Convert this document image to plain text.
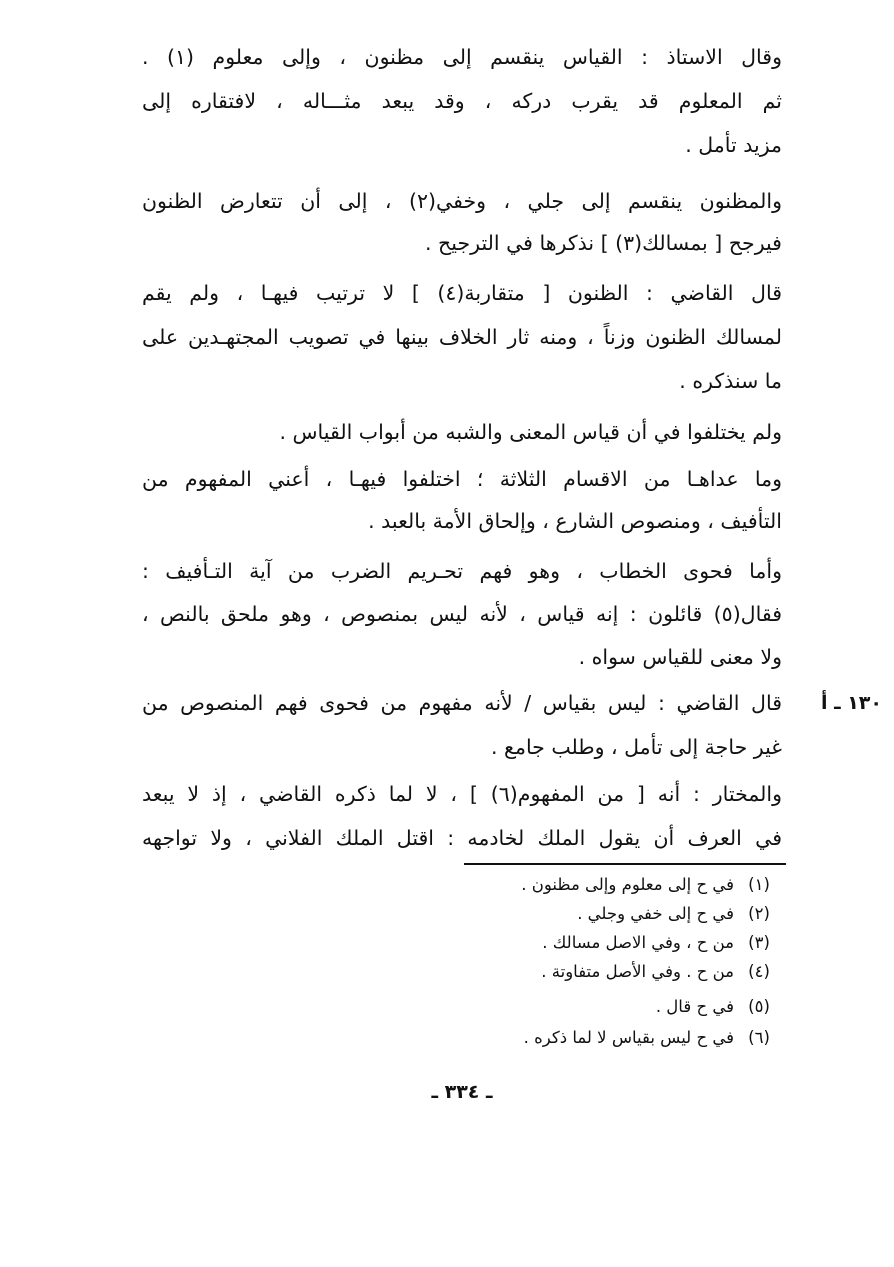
وقال الاستاذ : القياس ينقسم إلى مظنون ، وإلى معلوم (١) .
ثم المعلوم قد يقرب دركه ، وقد يبعد مثـــاله ، لافتقاره إلى
مزيد تأمل .
والمظنون ينقسم إلى جلي ، وخفي(٢) ، إلى أن تتعارض الظنون
فيرجح [ بمسالك(٣) ] نذكرها في الترجيح .
قال القاضي : الظنون [ متقاربة(٤) ] لا ترتيب فيهـا ، ولم يقم
لمسالك الظنون وزناً ، ومنه ثار الخلاف بينها في تصويب المجتهـدين على
ما سنذكره .
ولم يختلفوا في أن قياس المعنى والشبه من أبواب القياس .
وما عداهـا من الاقسام الثلاثة ؛ اختلفوا فيهـا ، أعني المفهوم من
التأفيف ، ومنصوص الشارع ، وإلحاق الأمة بالعبد .
وأما فحوى الخطاب ، وهو فهم تحـريم الضرب من آية التـأفيف :
فقال(٥) قائلون : إنه قياس ، لأنه ليس بمنصوص ، وهو ملحق بالنص ،
ولا معنى للقياس سواه .
١٣٠ ـ أ
قال القاضي : ليس بقياس / لأنه مفهوم من فحوى فهم المنصوص من
غير حاجة إلى تأمل ، وطلب جامع .
والمختار : أنه [ من المفهوم(٦) ] ، لا لما ذكره القاضي ، إذ لا يبعد
في العرف أن يقول الملك لخادمه : اقتل الملك الفلاني ، ولا تواجهه
(١)في ح إلى معلوم وإلى مظنون .
(٢)في ح إلى خفي وجلي .
(٣)من ح ، وفي الاصل مسالك .
(٤)من ح . وفي الأصل متفاوتة .
(٥)في ح قال .
(٦)في ح ليس بقياس لا لما ذكره .
ـ ٣٣٤ ـ
